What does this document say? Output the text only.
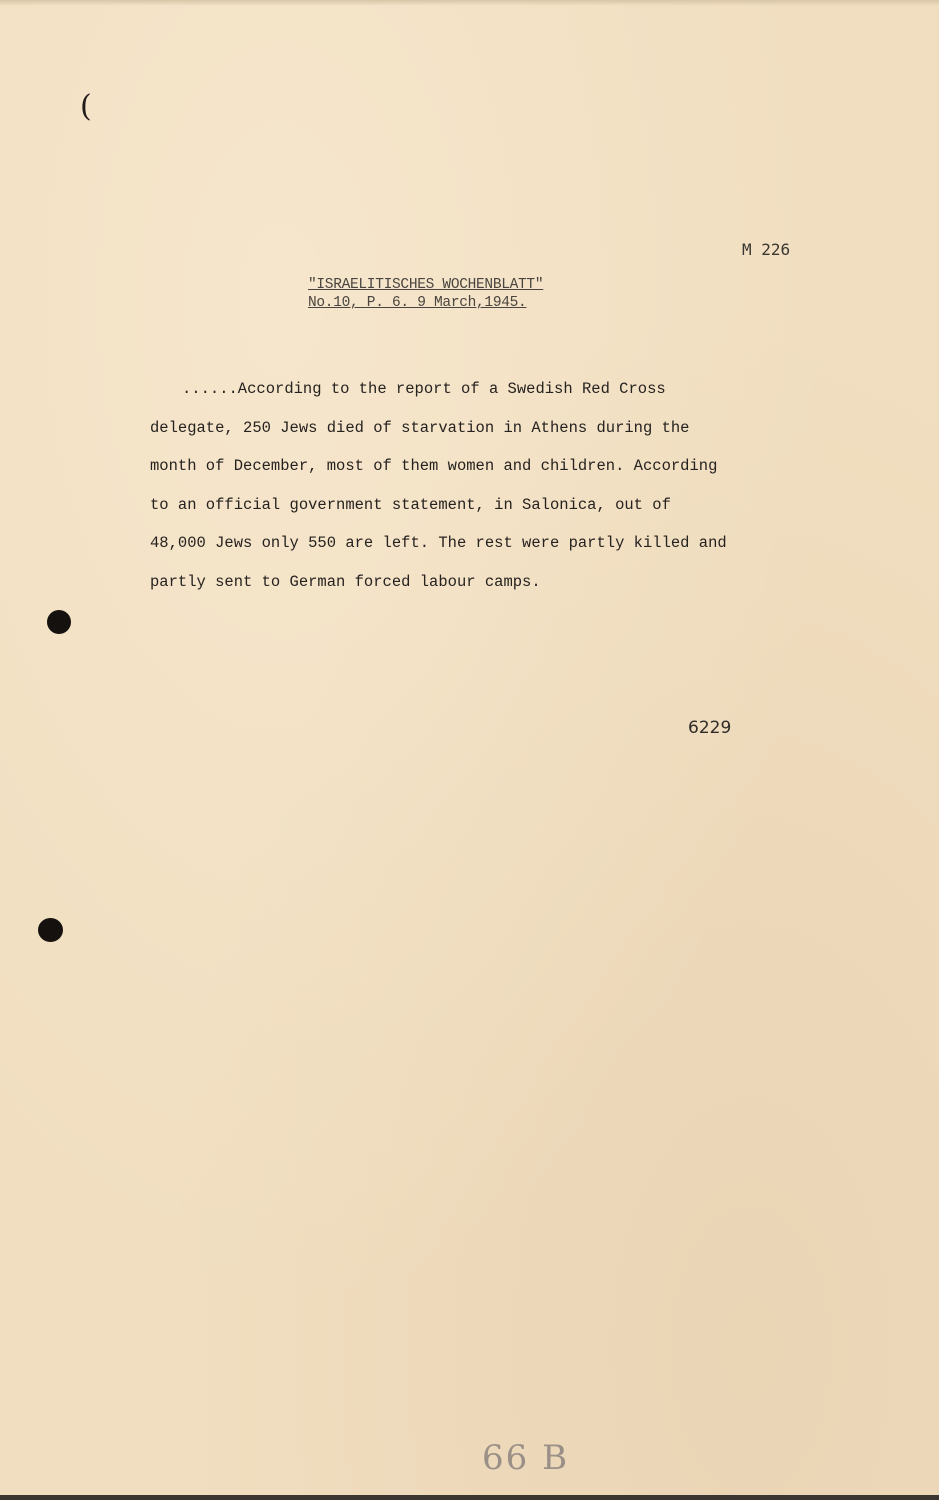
(
M 226
"ISRAELITISCHES WOCHENBLATT"
No.10, P. 6. 9 March,1945.
......According to the report of a Swedish Red Cross
delegate, 250 Jews died of starvation in Athens during the
month of December, most of them women and children. According
to an official government statement, in Salonica, out of
48,000 Jews only 550 are left. The rest were partly killed and
partly sent to German forced labour camps.
6229
66 B
